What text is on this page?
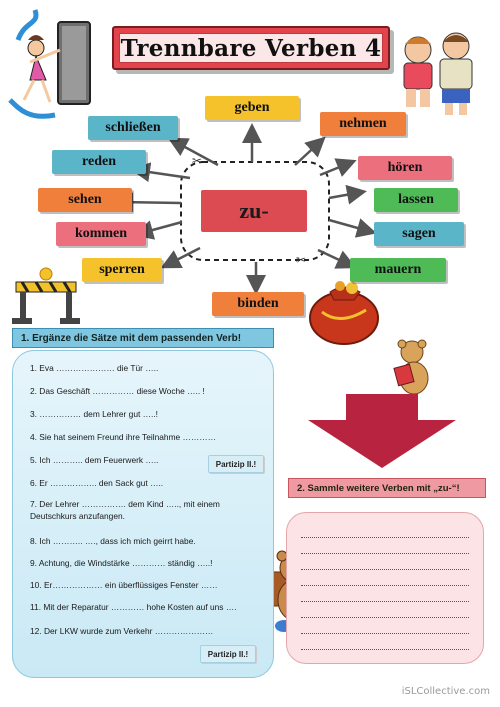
Trennbare Verben 4
✂
✂
geben
schließen	nehmen
reden	hören
sehen	lassen
kommen	sagen
sperren	mauern
binden
zu-
1. Ergänze die Sätze mit dem passenden Verb!
1. Eva ………………… die Tür …..
2. Das Geschäft …………… diese Woche ….. !
3. …………… dem Lehrer gut …..!
4. Sie hat seinem Freund ihre Teilnahme …………
5. Ich ……….. dem Feuerwerk …..
6. Er …………….. den Sack gut …..
7. Der Lehrer ……………. dem Kind ….., mit einem Deutschkurs anzufangen.
8. Ich ……….. …., dass ich mich geirrt habe.
9. Achtung, die Windstärke ………… ständig …..!
10. Er……………… ein überflüssiges Fenster ……
11. Mit der Reparatur ………… hohe Kosten auf uns ….
12. Der LKW wurde zum Verkehr …………………
Partizip II.!
Partizip II.!
2. Sammle weitere Verben mit „zu-“!
iSLCollective.com
